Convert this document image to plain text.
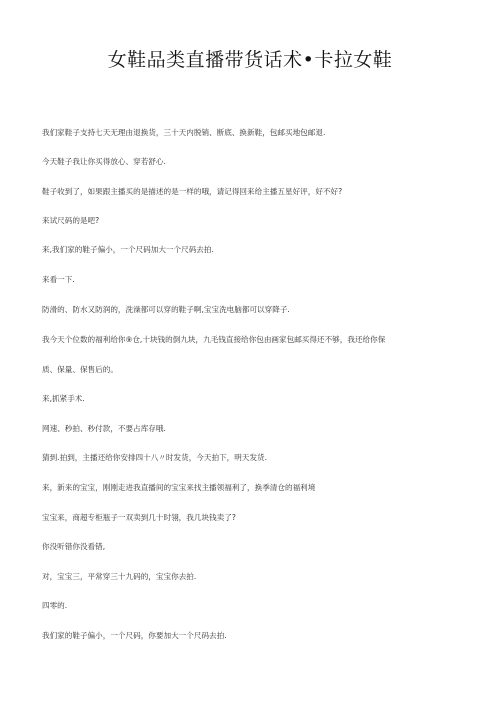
女鞋品类直播带货话术•卡拉女鞋
我们家鞋子支持七天无理由退换货，三十天内脱销、断底、换新鞋，包邮买地包邮退.
今天鞋子我让你买得放心、穿若舒心.
鞋子收到了，如果跟主播买的是描述的是一样的哦，请记得回来给主播五星好评，好不好?
来试尺码的是吧?
来,我们家的鞋子偏小，一个尺码加大一个尺码去拍.
来看一下.
防滑的、防水又防润的，洗澡都可以穿的鞋子啊,宝宝洗电脑都可以穿降子.
我今天个位数的福利给你⑨仓,十块钱的倒九块，九毛钱直接给你包由画家包邮买得还不够，我还给你保
质、保量、保售后的。
来,抓紧手术.
网速、秒拍、秒付款，不要占库存哦.
猜到.拍到，主播还给你安排四十八〃时发货，今天拍下，明天发货.
来，新来的宝宝，刚刚走进我直播间的宝宝来找主播领福利了，换季清仓的福利境
宝宝来，商超专柜瓶子一双卖到几十时翎，我几块钱卖了?
你没听错你没看错,
对，宝宝三，平常穿三十九码的，宝宝你去拍.
四零的.
我们家的鞋子偏小，一个尺码，你要加大一个尺码去拍.
